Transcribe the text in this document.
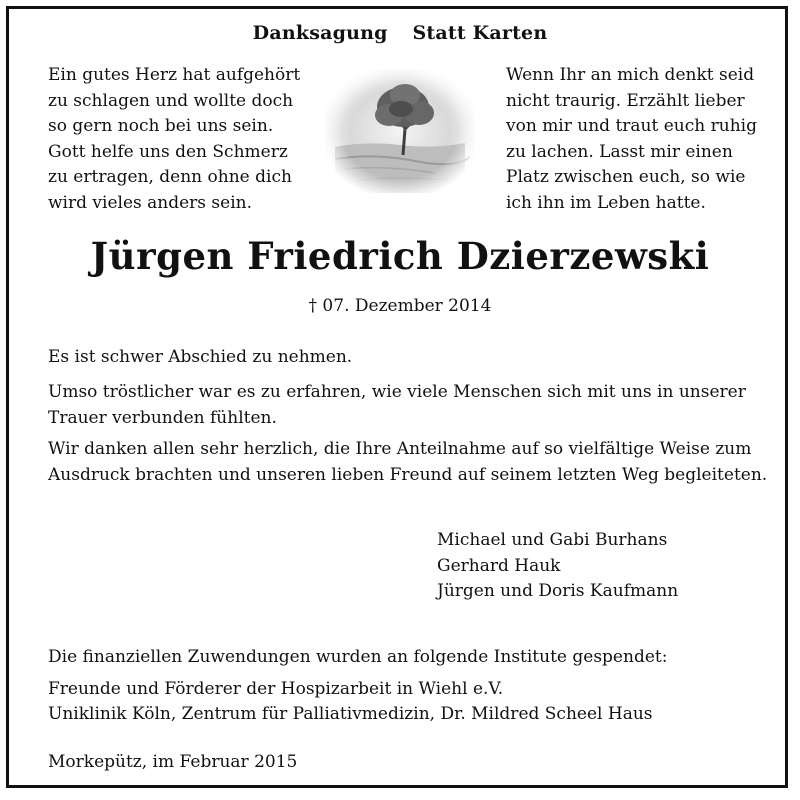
Danksagung Statt Karten
Ein gutes Herz hat aufgehört
zu schlagen und wollte doch
so gern noch bei uns sein.
Gott helfe uns den Schmerz
zu ertragen, denn ohne dich
wird vieles anders sein.
Wenn Ihr an mich denkt seid
nicht traurig. Erzählt lieber
von mir und traut euch ruhig
zu lachen. Lasst mir einen
Platz zwischen euch, so wie
ich ihn im Leben hatte.
Jürgen Friedrich Dzierzewski
† 07. Dezember 2014
Es ist schwer Abschied zu nehmen.
Umso tröstlicher war es zu erfahren, wie viele Menschen sich mit uns in unserer Trauer verbunden fühlten.
Wir danken allen sehr herzlich, die Ihre Anteilnahme auf so vielfältige Weise zum Ausdruck brachten und unseren lieben Freund auf seinem letzten Weg begleiteten.
Michael und Gabi Burhans
Gerhard Hauk
Jürgen und Doris Kaufmann
Die finanziellen Zuwendungen wurden an folgende Institute gespendet:
Freunde und Förderer der Hospizarbeit in Wiehl e.V.
Uniklinik Köln, Zentrum für Palliativmedizin, Dr. Mildred Scheel Haus
Morkepütz, im Februar 2015
